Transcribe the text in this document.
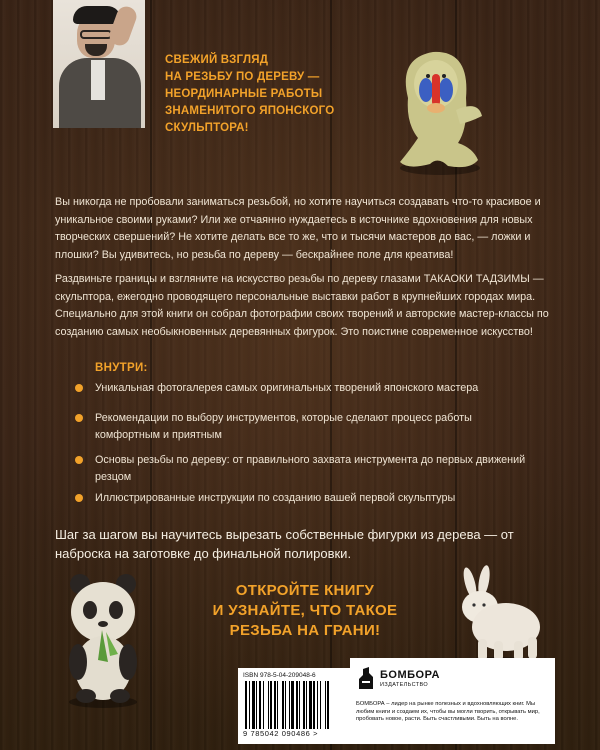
СВЕЖИЙ ВЗГЛЯД
НА РЕЗЬБУ ПО ДЕРЕВУ —
НЕОРДИНАРНЫЕ РАБОТЫ
ЗНАМЕНИТОГО ЯПОНСКОГО
СКУЛЬПТОРА!
Вы никогда не пробовали заниматься резьбой, но хотите научиться создавать что-то красивое и уникальное своими руками? Или же отчаянно нуждаетесь в источнике вдохновения для новых творческих свершений? Не хотите делать все то же, что и тысячи мастеров до вас, — ложки и плошки? Вы удивитесь, но резьба по дереву — бескрайнее поле для креатива!
Раздвиньте границы и взгляните на искусство резьбы по дереву глазами ТАКАОКИ ТАДЗИМЫ — скульптора, ежегодно проводящего персональные выставки работ в крупнейших городах мира. Специально для этой книги он собрал фотографии своих творений и авторские мастер-классы по созданию самых необыкновенных деревянных фигурок. Это поистине современное искусство!
ВНУТРИ:
Уникальная фотогалерея самых оригинальных творений японского мастера
Рекомендации по выбору инструментов, которые сделают процесс работы комфортным и приятным
Основы резьбы по дереву: от правильного захвата инструмента до первых движений резцом
Иллюстрированные инструкции по созданию вашей первой скульптуры
Шаг за шагом вы научитесь вырезать собственные фигурки из дерева — от наброска на заготовке до финальной полировки.
ОТКРОЙТЕ КНИГУ
И УЗНАЙТЕ, ЧТО ТАКОЕ
РЕЗЬБА НА ГРАНИ!
ISBN 978-5-04-209048-6
9 785042 090486 >
БОМБОРА
ИЗДАТЕЛЬСТВО
БОМБОРА – лидер на рынке полезных и вдохновляющих книг. Мы любим книги и создаем их, чтобы вы могли творить, открывать мир, пробовать новое, расти. Быть счастливыми. Быть на волне.
